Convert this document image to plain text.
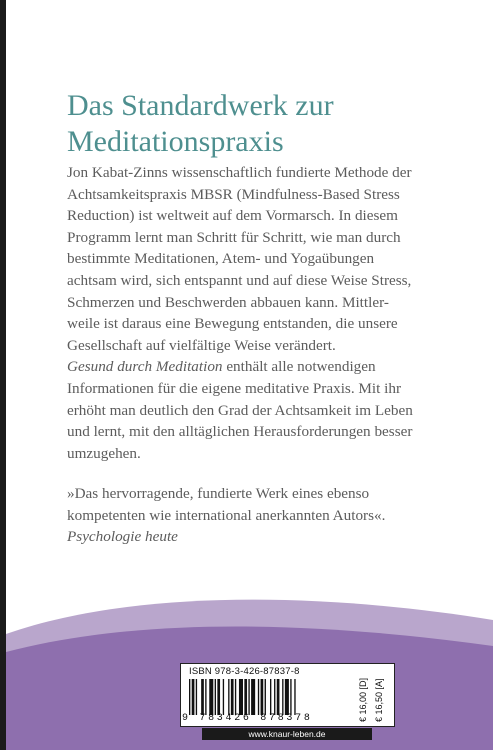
Das Standardwerk zur
Meditationspraxis

Jon Kabat-Zinns wissenschaftlich fundierte Methode der

Achtsamkeitspraxis MBSR (Mindfulness-Based Stress

Reduction) ist weltweit auf dem Vormarsch. In diesem

Programm lernt man Schritt für Schritt, wie man durch

bestimmte Meditationen, Atem- und Yogaübungen

achtsam wird, sich entspannt und auf diese Weise Stress,

Schmerzen und Beschwerden abbauen kann. Mittler-

weile ist daraus eine Bewegung entstanden, die unsere

Gesellschaft auf vielfältige Weise verändert.

Gesund durch Meditation enthält alle notwendigen

Informationen für die eigene meditative Praxis. Mit ihr

erhöht man deutlich den Grad der Achtsamkeit im Leben

und lernt, mit den alltäglichen Herausforderungen besser

umzugehen.

»Das hervorragende, fundierte Werk eines ebenso

kompetenten wie international anerkannten Autors«.

Psychologie heute

ISBN 978-3-426-87837-8
9 783426 878378	€ 16,00 [D] € 16,50 [A]
www.knaur-leben.de
